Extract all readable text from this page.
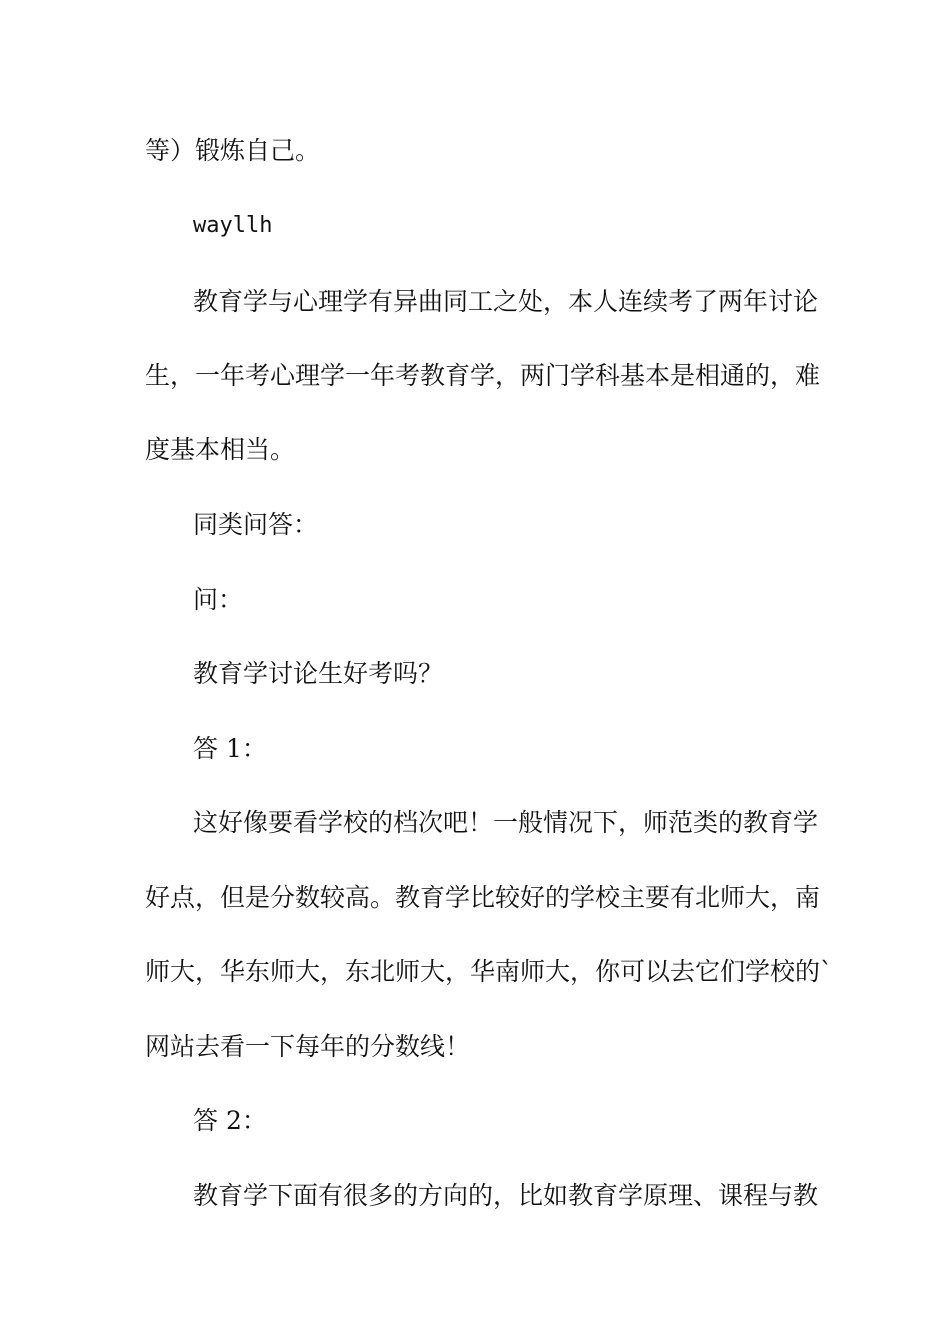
等）锻炼自己。

wayllh

教育学与心理学有异曲同工之处，本人连续考了两年讨论

生，一年考心理学一年考教育学，两门学科基本是相通的，难

度基本相当。

同类问答：

问：

教育学讨论生好考吗？

答 1：

这好像要看学校的档次吧！一般情况下，师范类的教育学

好点，但是分数较高。教育学比较好的学校主要有北师大，南

师大，华东师大，东北师大，华南师大，你可以去它们学校的`

网站去看一下每年的分数线！

答 2：

教育学下面有很多的方向的，比如教育学原理、课程与教
